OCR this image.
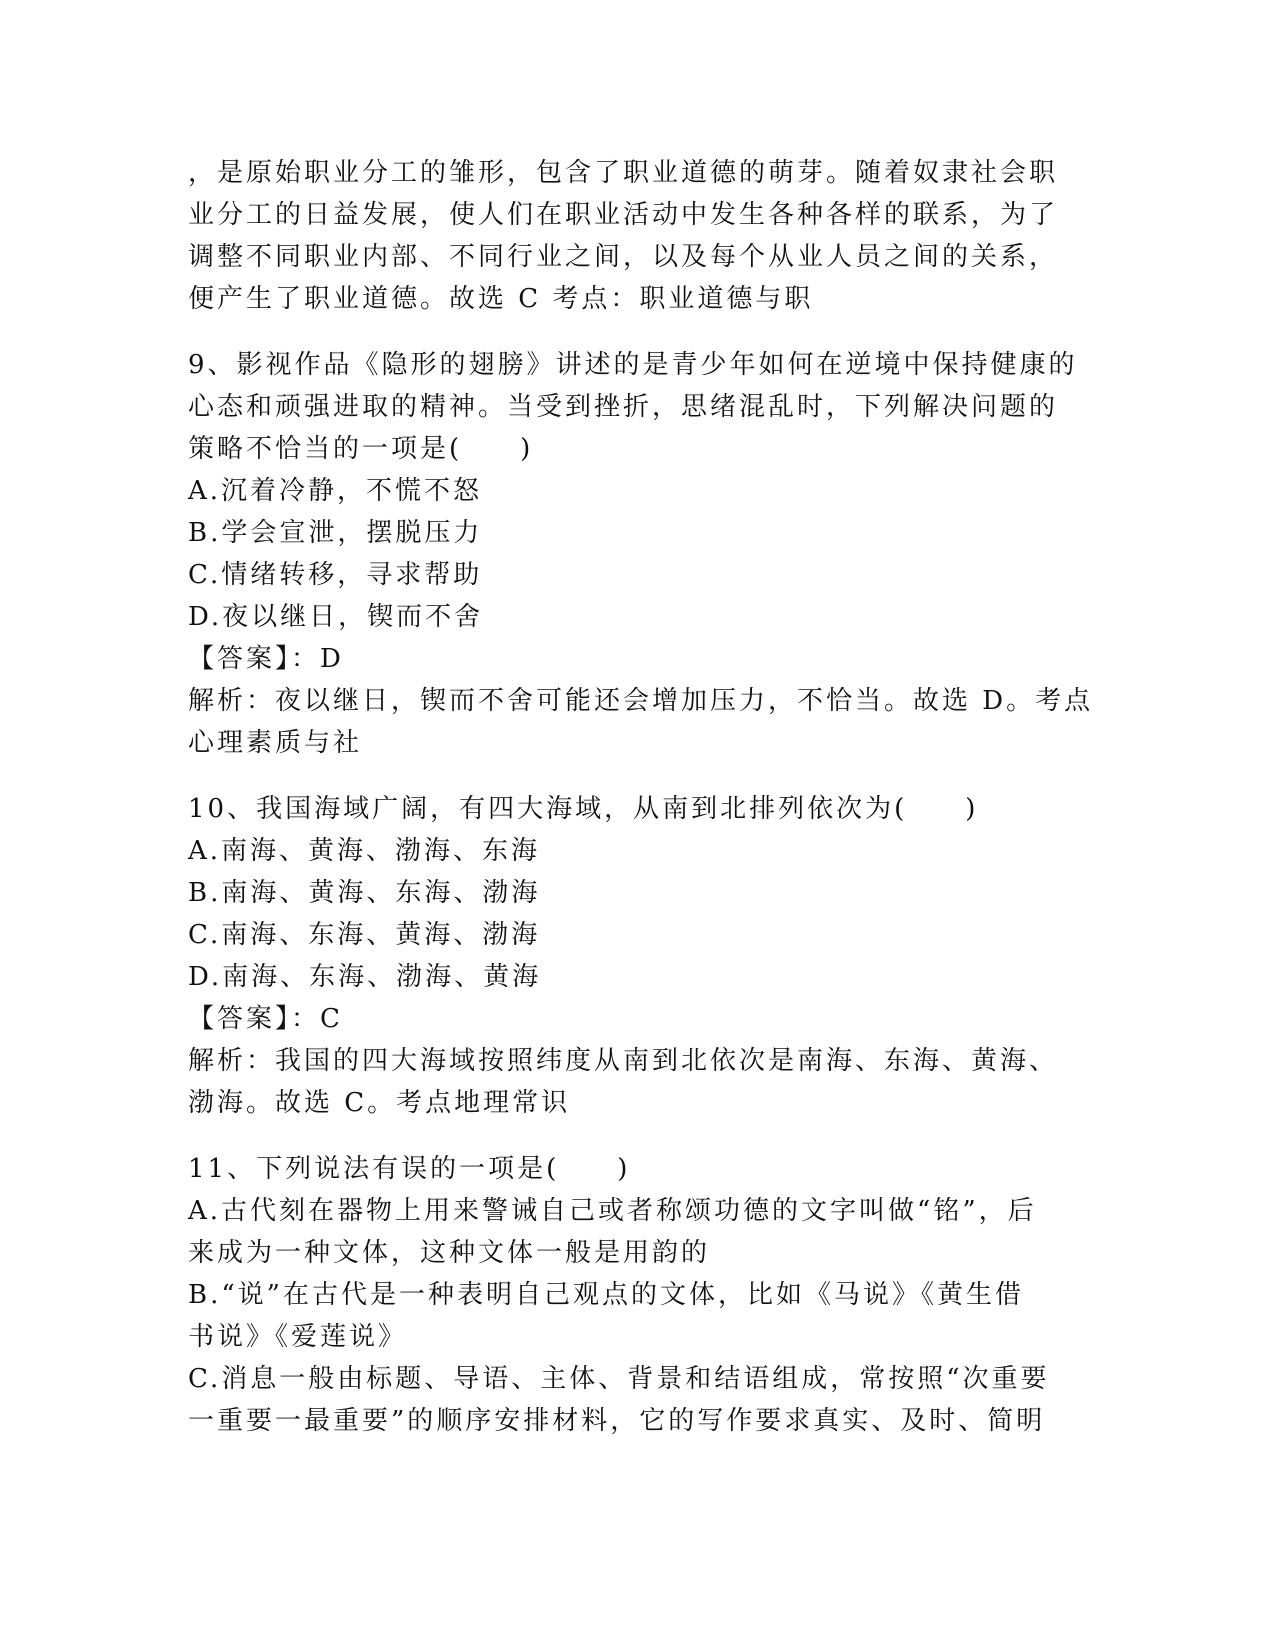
，是原始职业分工的雏形，包含了职业道德的萌芽。随着奴隶社会职
业分工的日益发展，使人们在职业活动中发生各种各样的联系，为了
调整不同职业内部、不同行业之间，以及每个从业人员之间的关系，
便产生了职业道德。故选 C 考点：职业道德与职
9、影视作品《隐形的翅膀》讲述的是青少年如何在逆境中保持健康的
心态和顽强进取的精神。当受到挫折，思绪混乱时，下列解决问题的
策略不恰当的一项是(　　)
A.沉着冷静，不慌不怒
B.学会宣泄，摆脱压力
C.情绪转移，寻求帮助
D.夜以继日，锲而不舍
【答案】：D
解析：夜以继日，锲而不舍可能还会增加压力，不恰当。故选 D。考点
心理素质与社
10、我国海域广阔，有四大海域，从南到北排列依次为(　　)
A.南海、黄海、渤海、东海
B.南海、黄海、东海、渤海
C.南海、东海、黄海、渤海
D.南海、东海、渤海、黄海
【答案】：C
解析：我国的四大海域按照纬度从南到北依次是南海、东海、黄海、
渤海。故选 C。考点地理常识
11、下列说法有误的一项是(　　)
A.古代刻在器物上用来警诫自己或者称颂功德的文字叫做“铭”，后
来成为一种文体，这种文体一般是用韵的
B.“说”在古代是一种表明自己观点的文体，比如《马说》《黄生借
书说》《爱莲说》
C.消息一般由标题、导语、主体、背景和结语组成，常按照“次重要
一重要一最重要”的顺序安排材料，它的写作要求真实、及时、简明
